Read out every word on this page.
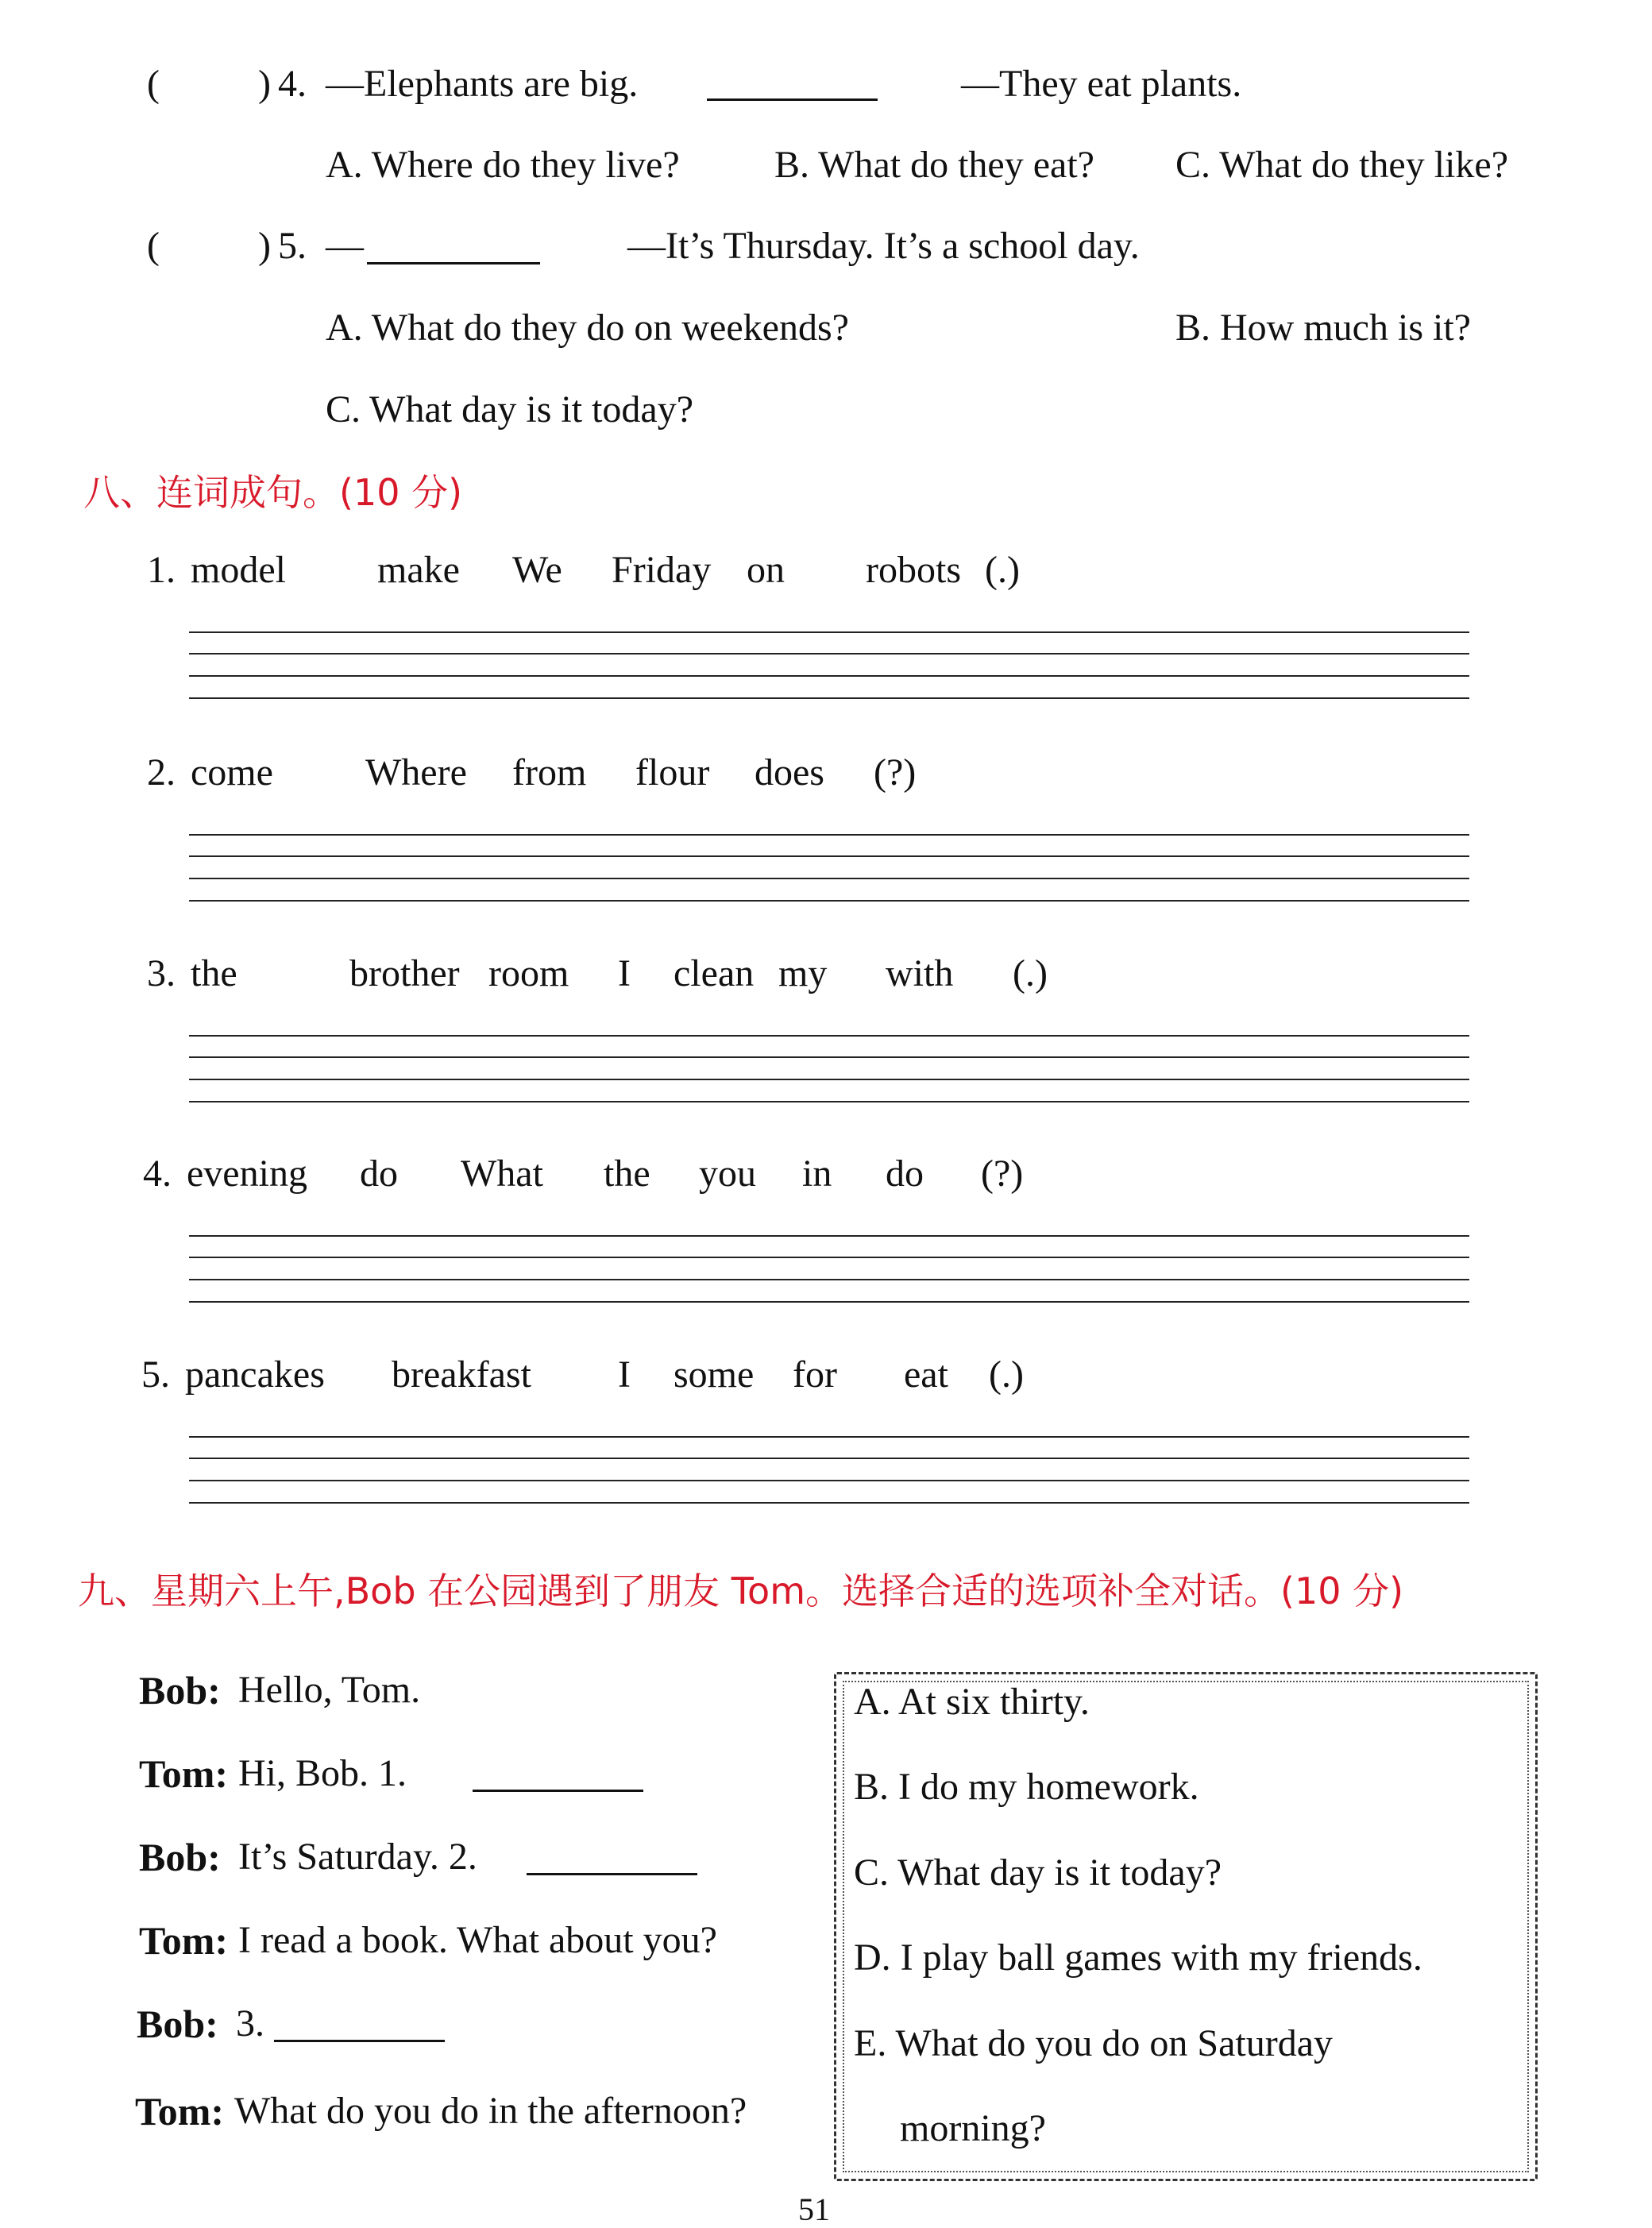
(	) 4. —Elephants are big.	—They eat plants.
A. Where do they live? B. What do they eat? C. What do they like?
(	) 5. —	—It’s Thursday. It’s a school day.
A. What do they do on weekends?	B. How much is it?
C. What day is it today?
八、连词成句。(10 分)
1. model make We Friday on robots (.)
2. come Where from flour does (?)
3. the	brother room I clean my with (.)
4. evening do What the you in do (?)
5. pancakes breakfast I some for eat (.)
九、星期六上午,Bob 在公园遇到了朋友 Tom。选择合适的选项补全对话。(10 分)
Bob: Hello, Tom.
Tom: Hi, Bob. 1.
Bob: It’s Saturday. 2.
Tom: I read a book. What about you?
Bob: 3.
Tom: What do you do in the afternoon?
A. At six thirty.
B. I do my homework.
C. What day is it today?
D. I play ball games with my friends.
E. What do you do on Saturday
morning?
51
